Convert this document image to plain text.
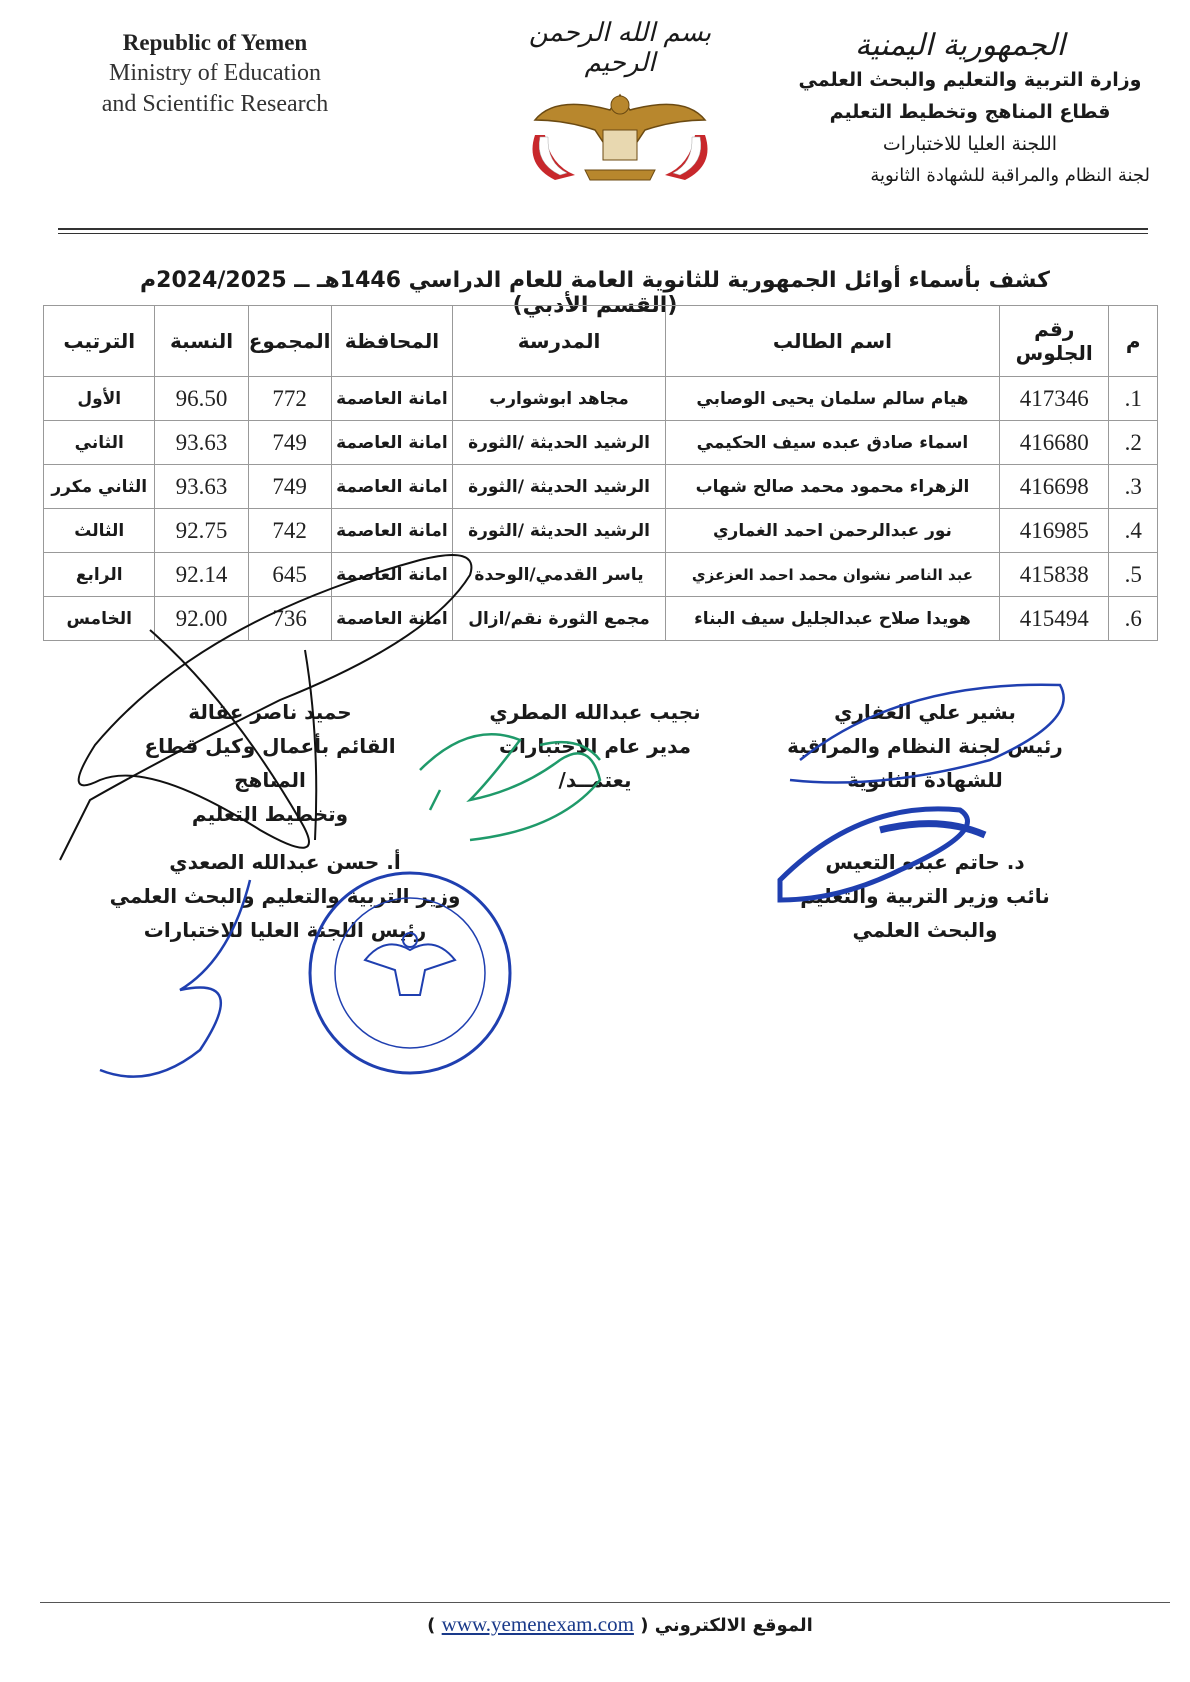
Republic of Yemen
Ministry of Education
and Scientific Research
بسم الله الرحمن الرحيم	الجمهورية اليمنية
وزارة التربية والتعليم والبحث العلمي
قطاع المناهج وتخطيط التعليم
اللجنة العليا للاختبارات
لجنة النظام والمراقبة للشهادة الثانوية
كشف بأسماء أوائل الجمهورية للثانوية العامة للعام الدراسي 1446هـ ــ 2024/2025م (القسم الأدبي)
م	رقم الجلوس	اسم الطالب	المدرسة	المحافظة	المجموع	النسبة	الترتيب
1.	417346	هيام سالم سلمان يحيى الوصابي	مجاهد ابوشوارب	امانة العاصمة	772	96.50	الأول
2.	416680	اسماء صادق عبده سيف الحكيمي	الرشيد الحديثة /الثورة	امانة العاصمة	749	93.63	الثاني
3.	416698	الزهراء محمود محمد صالح شهاب	الرشيد الحديثة /الثورة	امانة العاصمة	749	93.63	الثاني مكرر
4.	416985	نور عبدالرحمن احمد الغماري	الرشيد الحديثة /الثورة	امانة العاصمة	742	92.75	الثالث
5.	415838	عبد الناصر نشوان محمد احمد العزعزي	ياسر القدمي/الوحدة	امانة العاصمة	645	92.14	الرابع
6.	415494	هويدا صلاح عبدالجليل سيف البناء	مجمع الثورة نقم/ازال	امانة العاصمة	736	92.00	الخامس
بشير علي الغفاري
رئيس لجنة النظام والمراقبة
للشهادة الثانوية
نجيب عبدالله المطري
مدير عام الاختبارات
يعتمــد/
حميد ناصر عقالة
القائم بأعمال وكيل قطاع المناهج
وتخطيط التعليم
د. حاتم عبده التعيس
نائب وزير التربية والتعليم
والبحث العلمي
أ. حسن عبدالله الصعدي
وزير التربية والتعليم والبحث العلمي
رئيس اللجنة العليا للاختبارات
الموقع الالكتروني ( www.yemenexam.com )
